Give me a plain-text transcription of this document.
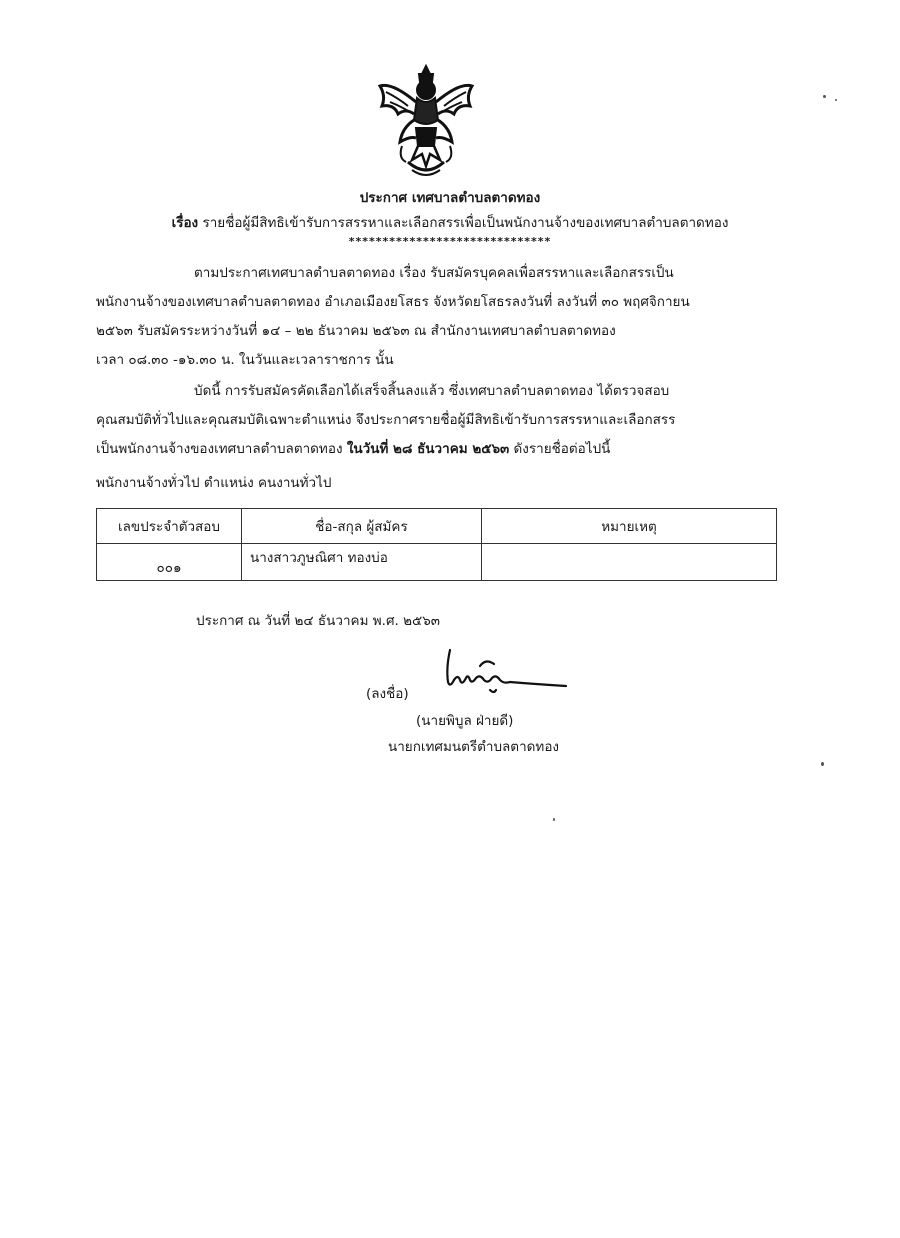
ประกาศ เทศบาลตำบลตาดทอง
เรื่อง รายชื่อผู้มีสิทธิเข้ารับการสรรหาและเลือกสรรเพื่อเป็นพนักงานจ้างของเทศบาลตำบลตาดทอง
******************************
ตามประกาศเทศบาลตำบลตาดทอง เรื่อง รับสมัครบุคคลเพื่อสรรหาและเลือกสรรเป็น
พนักงานจ้างของเทศบาลตำบลตาดทอง อำเภอเมืองยโสธร จังหวัดยโสธรลงวันที่ ลงวันที่ ๓๐ พฤศจิกายน
๒๕๖๓ รับสมัครระหว่างวันที่ ๑๔ – ๒๒ ธันวาคม ๒๕๖๓ ณ สำนักงานเทศบาลตำบลตาดทอง
เวลา ๐๘.๓๐ -๑๖.๓๐ น. ในวันและเวลาราชการ นั้น
บัดนี้ การรับสมัครคัดเลือกได้เสร็จสิ้นลงแล้ว ซึ่งเทศบาลตำบลตาดทอง ได้ตรวจสอบ
คุณสมบัติทั่วไปและคุณสมบัติเฉพาะตำแหน่ง จึงประกาศรายชื่อผู้มีสิทธิเข้ารับการสรรหาและเลือกสรร
เป็นพนักงานจ้างของเทศบาลตำบลตาดทอง ในวันที่ ๒๘ ธันวาคม ๒๕๖๓ ดังรายชื่อต่อไปนี้
พนักงานจ้างทั่วไป ตำแหน่ง คนงานทั่วไป
เลขประจำตัวสอบ	ชื่อ-สกุล ผู้สมัคร	หมายเหตุ
๐๐๑	นางสาวภูษณิศา ทองบ่อ	
ประกาศ ณ วันที่ ๒๔ ธันวาคม พ.ศ. ๒๕๖๓
(ลงชื่อ)
(นายพิบูล ฝ่ายดี)
นายกเทศมนตรีตำบลตาดทอง
